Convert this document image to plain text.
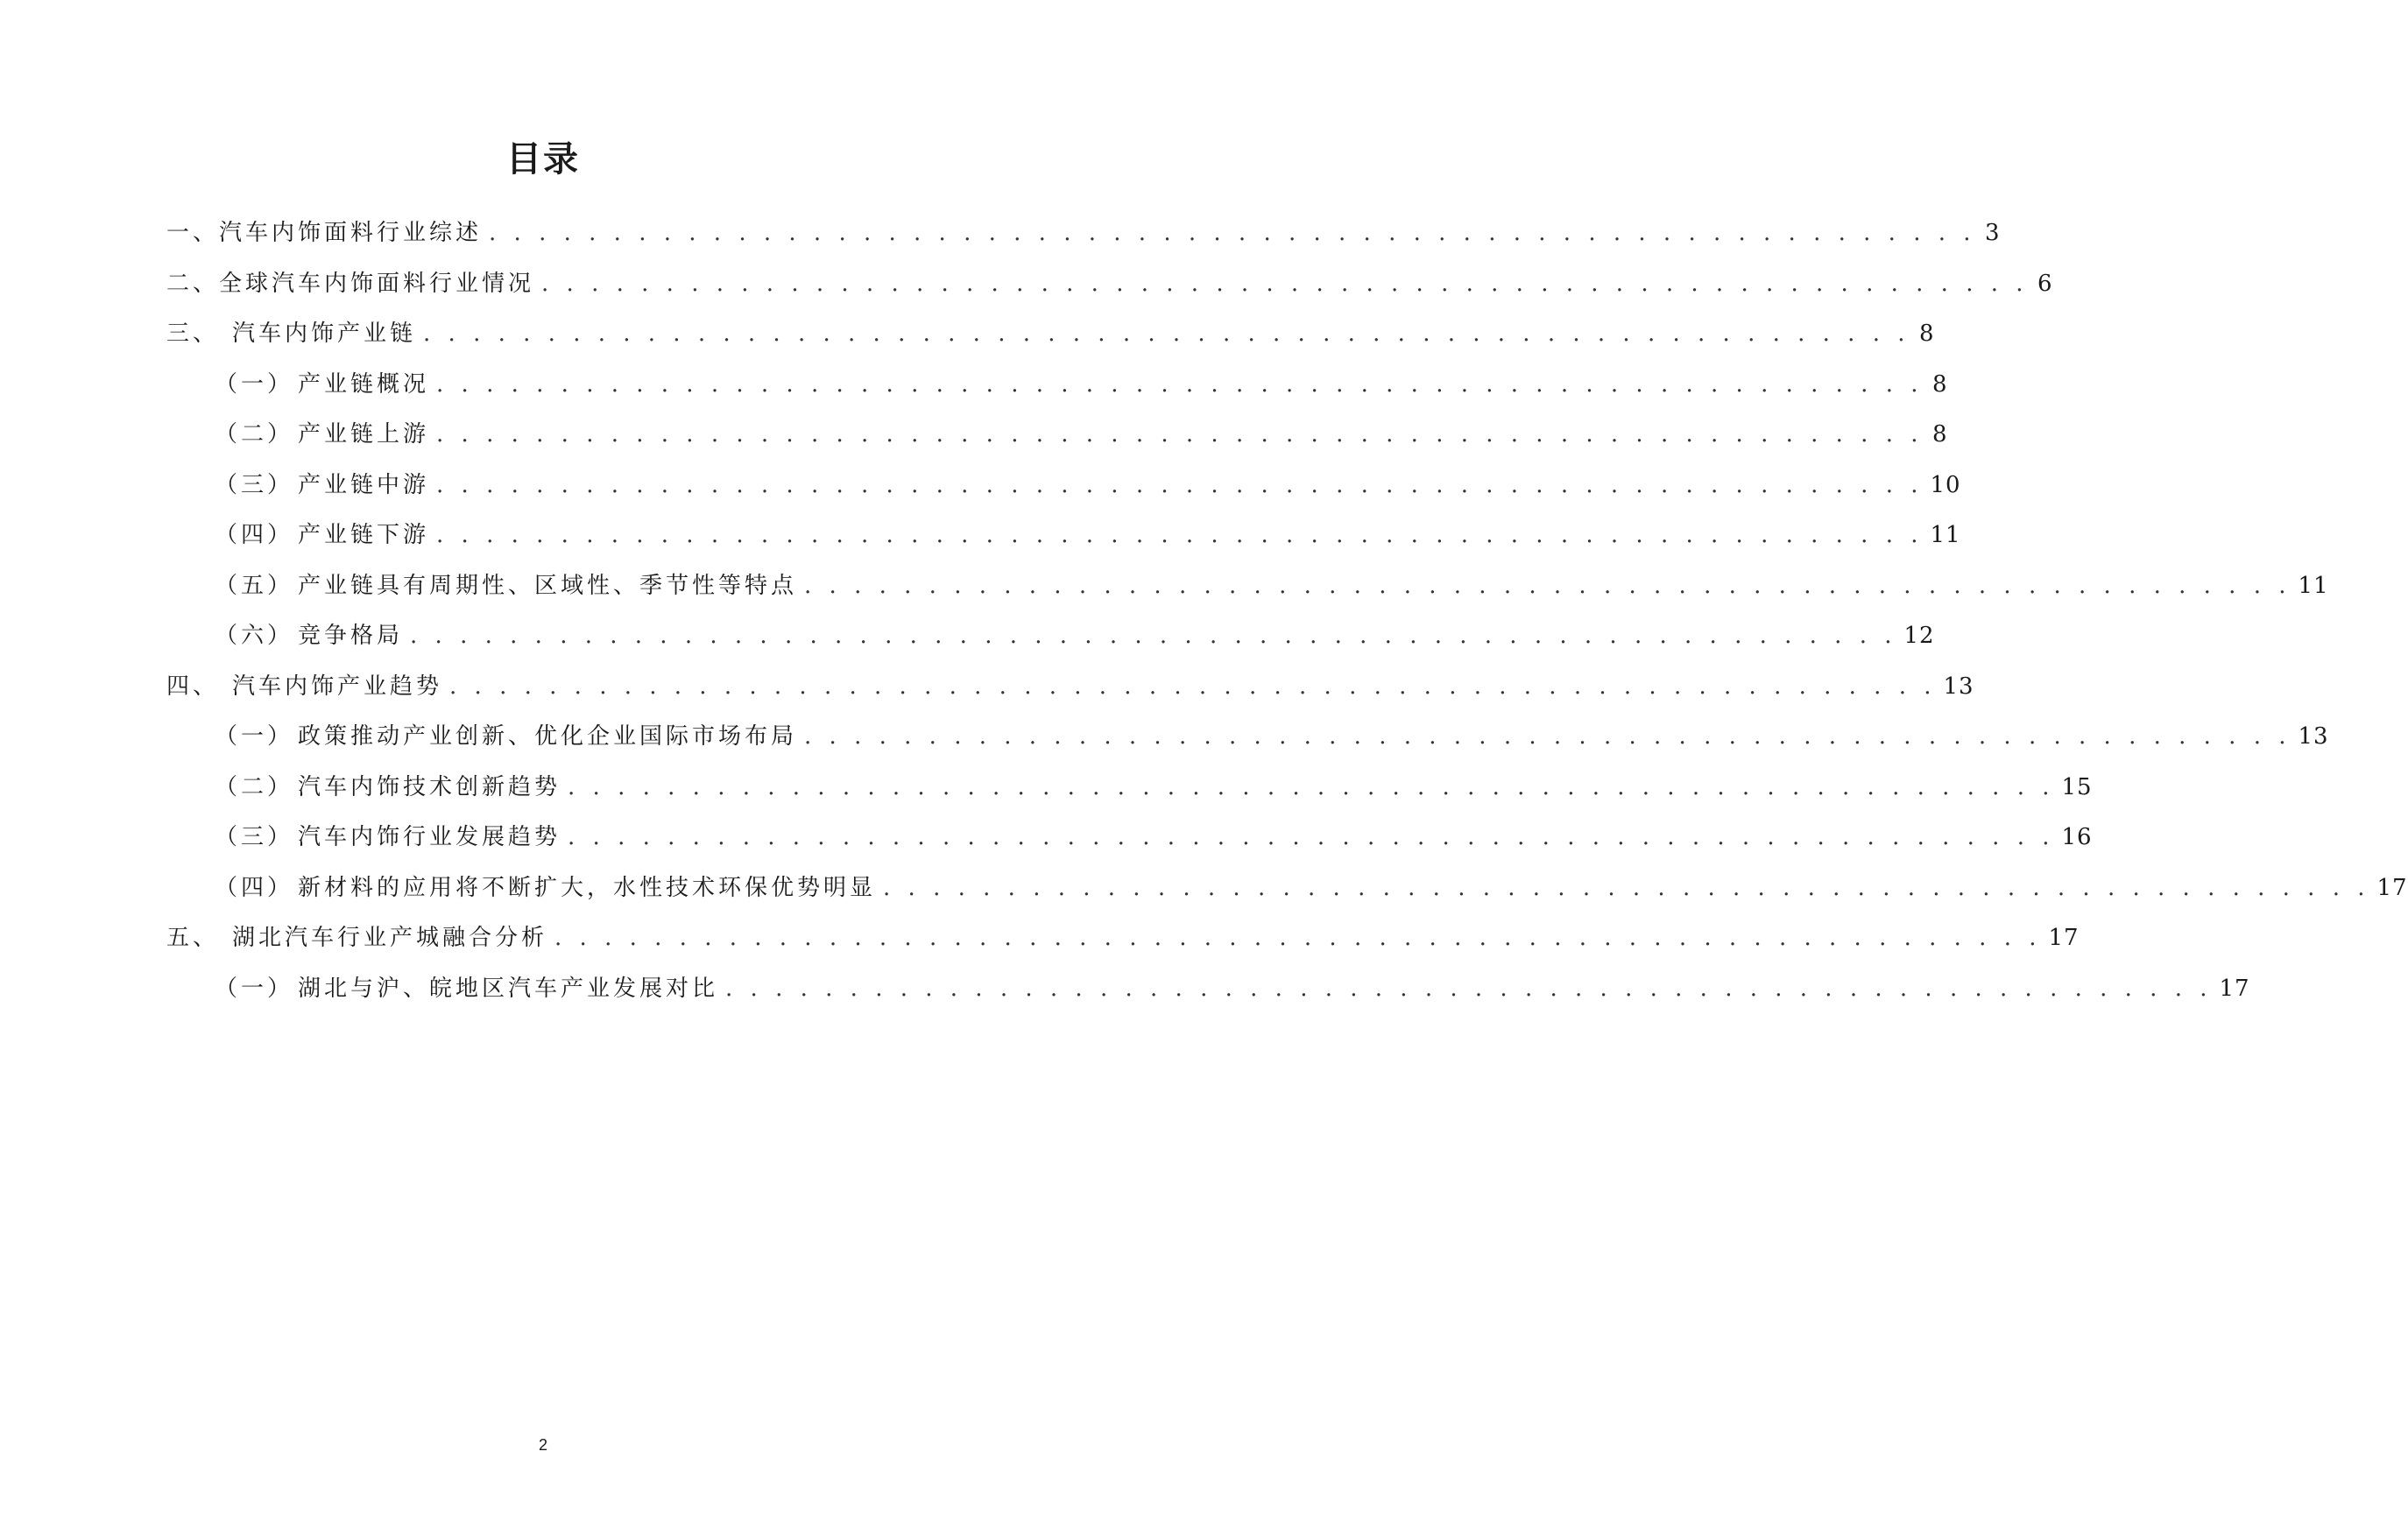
目录
一、 汽车内饰面料行业综述 . . . . . . . . . . . . . . . . . . . . . . . . . . . . . . . . . . . . . . . . . . . . . . . . . . . . . . . . . . . . 3
二、 全球汽车内饰面料行业情况 . . . . . . . . . . . . . . . . . . . . . . . . . . . . . . . . . . . . . . . . . . . . . . . . . . . . . . . . . . . . 6
三、 汽车内饰产业链 . . . . . . . . . . . . . . . . . . . . . . . . . . . . . . . . . . . . . . . . . . . . . . . . . . . . . . . . . . . . 8
（一） 产业链概况 . . . . . . . . . . . . . . . . . . . . . . . . . . . . . . . . . . . . . . . . . . . . . . . . . . . . . . . . . . . . 8
（二） 产业链上游 . . . . . . . . . . . . . . . . . . . . . . . . . . . . . . . . . . . . . . . . . . . . . . . . . . . . . . . . . . . . 8
（三） 产业链中游 . . . . . . . . . . . . . . . . . . . . . . . . . . . . . . . . . . . . . . . . . . . . . . . . . . . . . . . . . . . . 10
（四） 产业链下游 . . . . . . . . . . . . . . . . . . . . . . . . . . . . . . . . . . . . . . . . . . . . . . . . . . . . . . . . . . . . 11
（五） 产业链具有周期性、区域性、季节性等特点 . . . . . . . . . . . . . . . . . . . . . . . . . . . . . . . . . . . . . . . . . . . . . . . . . . . . . . . . . . . . 11
（六） 竞争格局 . . . . . . . . . . . . . . . . . . . . . . . . . . . . . . . . . . . . . . . . . . . . . . . . . . . . . . . . . . . . 12
四、 汽车内饰产业趋势 . . . . . . . . . . . . . . . . . . . . . . . . . . . . . . . . . . . . . . . . . . . . . . . . . . . . . . . . . . . . 13
（一） 政策推动产业创新、优化企业国际市场布局 . . . . . . . . . . . . . . . . . . . . . . . . . . . . . . . . . . . . . . . . . . . . . . . . . . . . . . . . . . . . 13
（二） 汽车内饰技术创新趋势 . . . . . . . . . . . . . . . . . . . . . . . . . . . . . . . . . . . . . . . . . . . . . . . . . . . . . . . . . . . . 15
（三） 汽车内饰行业发展趋势 . . . . . . . . . . . . . . . . . . . . . . . . . . . . . . . . . . . . . . . . . . . . . . . . . . . . . . . . . . . . 16
（四） 新材料的应用将不断扩大，水性技术环保优势明显 . . . . . . . . . . . . . . . . . . . . . . . . . . . . . . . . . . . . . . . . . . . . . . . . . . . . . . . . . . . . 17
五、 湖北汽车行业产城融合分析 . . . . . . . . . . . . . . . . . . . . . . . . . . . . . . . . . . . . . . . . . . . . . . . . . . . . . . . . . . . . 17
（一） 湖北与沪、皖地区汽车产业发展对比 . . . . . . . . . . . . . . . . . . . . . . . . . . . . . . . . . . . . . . . . . . . . . . . . . . . . . . . . . . . . 17
2
